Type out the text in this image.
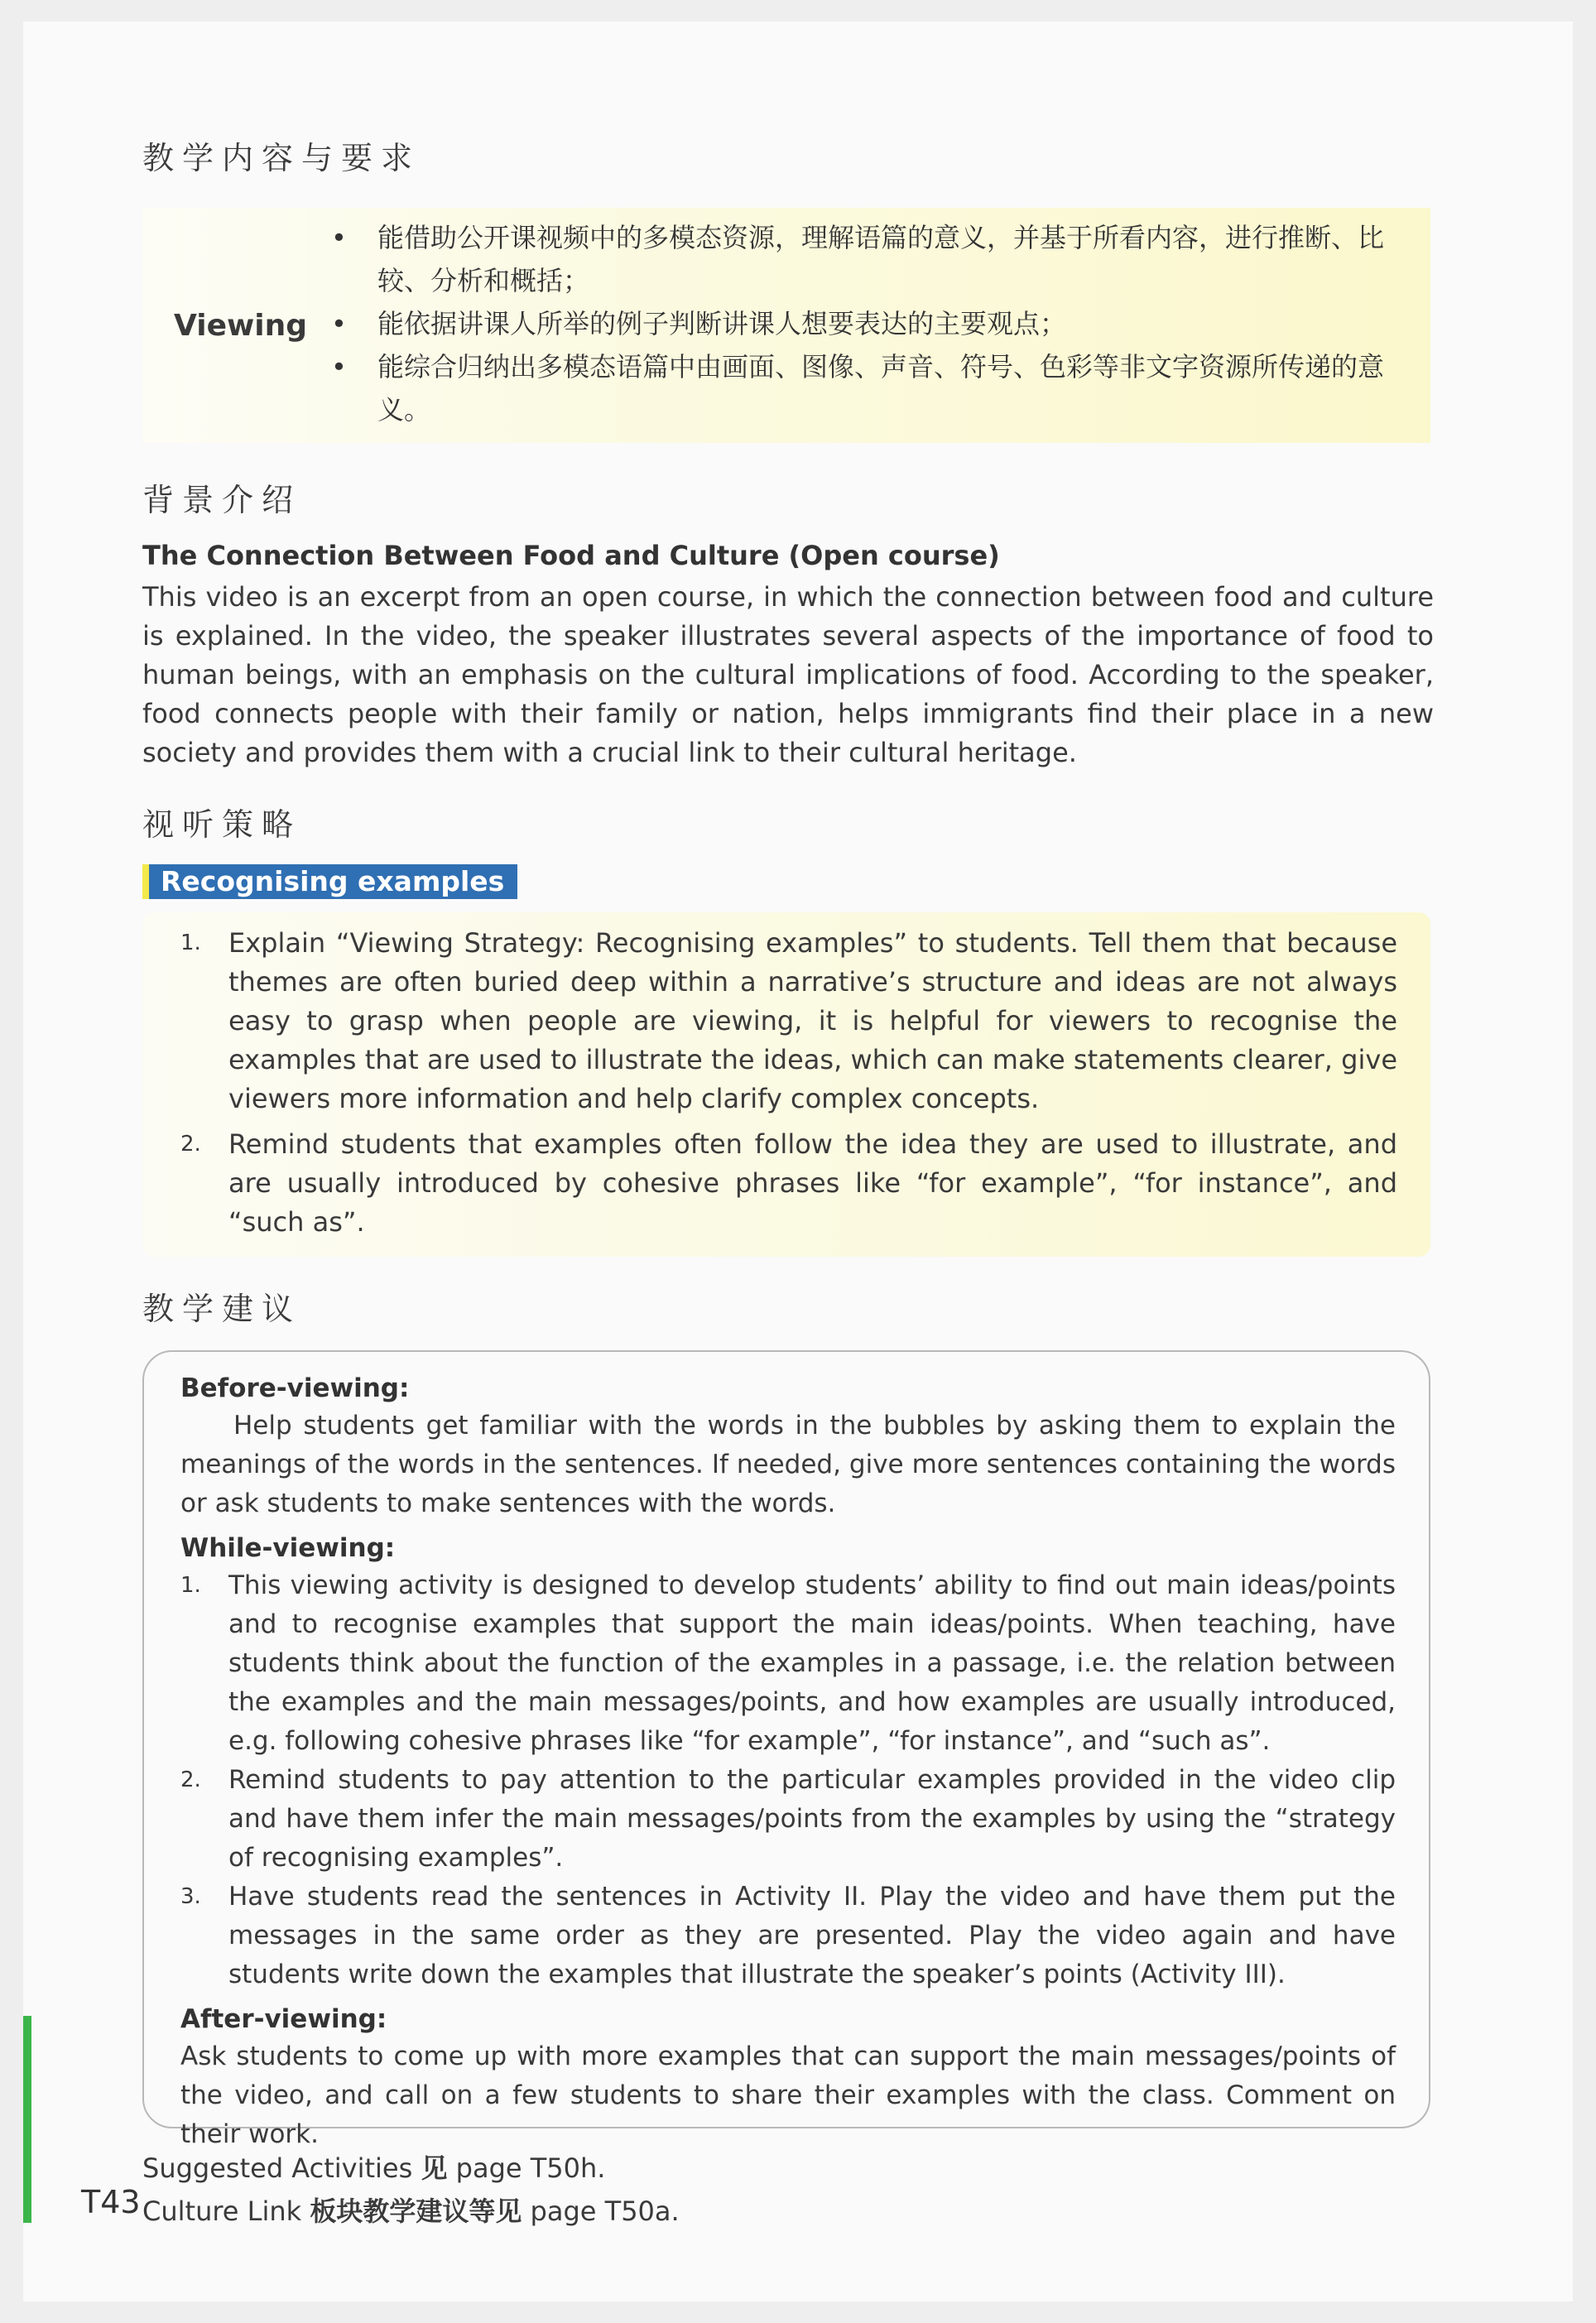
教学内容与要求
Viewing
• 能借助公开课视频中的多模态资源，理解语篇的意义，并基于所看内容，进行推断、比较、分析和概括；
• 能依据讲课人所举的例子判断讲课人想要表达的主要观点；
• 能综合归纳出多模态语篇中由画面、图像、声音、符号、色彩等非文字资源所传递的意义。
背景介绍
The Connection Between Food and Culture (Open course)
This video is an excerpt from an open course, in which the connection between food and culture is explained. In the video, the speaker illustrates several aspects of the importance of food to human beings, with an emphasis on the cultural implications of food. According to the speaker, food connects people with their family or nation, helps immigrants find their place in a new society and provides them with a crucial link to their cultural heritage.
视听策略
Recognising examples
1. Explain “Viewing Strategy: Recognising examples” to students. Tell them that because themes are often buried deep within a narrative’s structure and ideas are not always easy to grasp when people are viewing, it is helpful for viewers to recognise the examples that are used to illustrate the ideas, which can make statements clearer, give viewers more information and help clarify complex concepts.
2. Remind students that examples often follow the idea they are used to illustrate, and are usually introduced by cohesive phrases like “for example”, “for instance”, and “such as”.
教学建议
Before-viewing:
Help students get familiar with the words in the bubbles by asking them to explain the meanings of the words in the sentences. If needed, give more sentences containing the words or ask students to make sentences with the words.
While-viewing:
1. This viewing activity is designed to develop students’ ability to find out main ideas/points and to recognise examples that support the main ideas/points. When teaching, have students think about the function of the examples in a passage, i.e. the relation between the examples and the main messages/points, and how examples are usually introduced, e.g. following cohesive phrases like “for example”, “for instance”, and “such as”.
2. Remind students to pay attention to the particular examples provided in the video clip and have them infer the main messages/points from the examples by using the “strategy of recognising examples”.
3. Have students read the sentences in Activity II. Play the video and have them put the messages in the same order as they are presented. Play the video again and have students write down the examples that illustrate the speaker’s points (Activity III).
After-viewing:
Ask students to come up with more examples that can support the main messages/points of the video, and call on a few students to share their examples with the class. Comment on their work.
Suggested Activities 见 page T50h.
Culture Link 板块教学建议等见 page T50a.
T43
